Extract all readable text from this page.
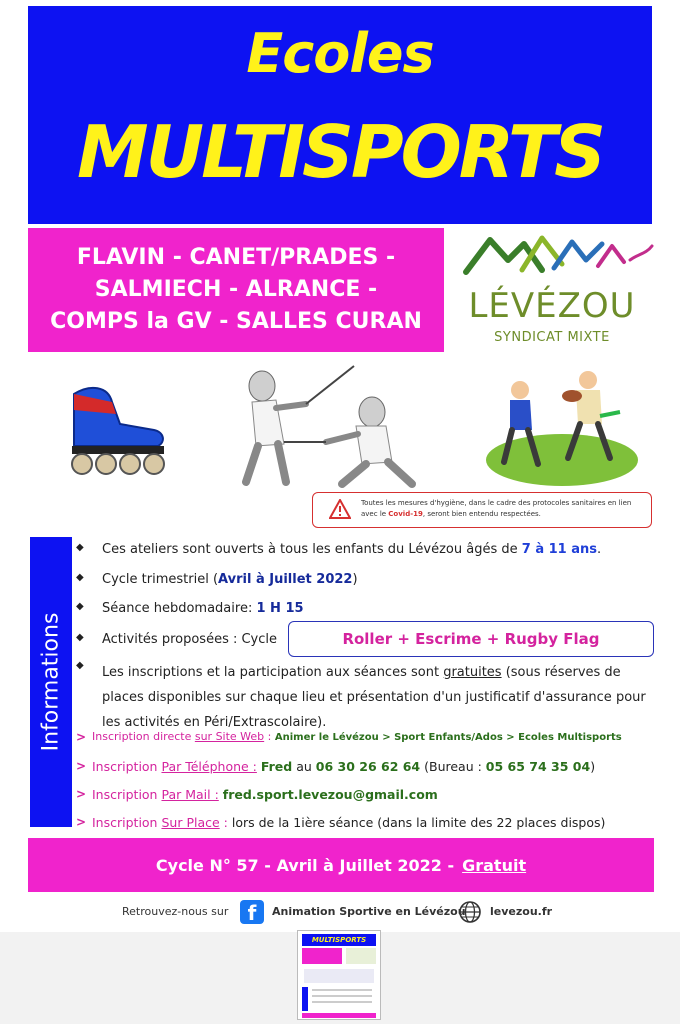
Ecoles
MULTISPORTS
FLAVIN - CANET/PRADES -
SALMIECH - ALRANCE -
COMPS la GV - SALLES CURAN LÉVÉZOU
SYNDICAT MIXTE
Toutes les mesures d'hygiène, dans le cadre des protocoles sanitaires en lien
avec le Covid-19, seront bien entendu respectées.
Informations
◆ Ces ateliers sont ouverts à tous les enfants du Lévézou âgés de 7 à 11 ans.
◆ Cycle trimestriel (Avril à Juillet 2022)
◆ Séance hebdomadaire: 1 H 15
◆ Activités proposées : Cycle
◆
Roller + Escrime + Rugby Flag
Les inscriptions et la participation aux séances sont gratuites (sous réserves de
places disponibles sur chaque lieu et présentation d'un justificatif d'assurance pour
les activités en Péri/Extrascolaire).
> Inscription directe sur Site Web : Animer le Lévézou > Sport Enfants/Ados > Ecoles Multisports
> Inscription Par Téléphone : Fred au 06 30 26 62 64 (Bureau : 05 65 74 35 04)
> Inscription Par Mail : fred.sport.levezou@gmail.com
> Inscription Sur Place : lors de la 1ière séance (dans la limite des 22 places dispos)
Cycle N° 57 - Avril à Juillet 2022 - Gratuit
Retrouvez-nous sur f	Animation Sportive en Lévézou levezou.fr
MULTISPORTS
